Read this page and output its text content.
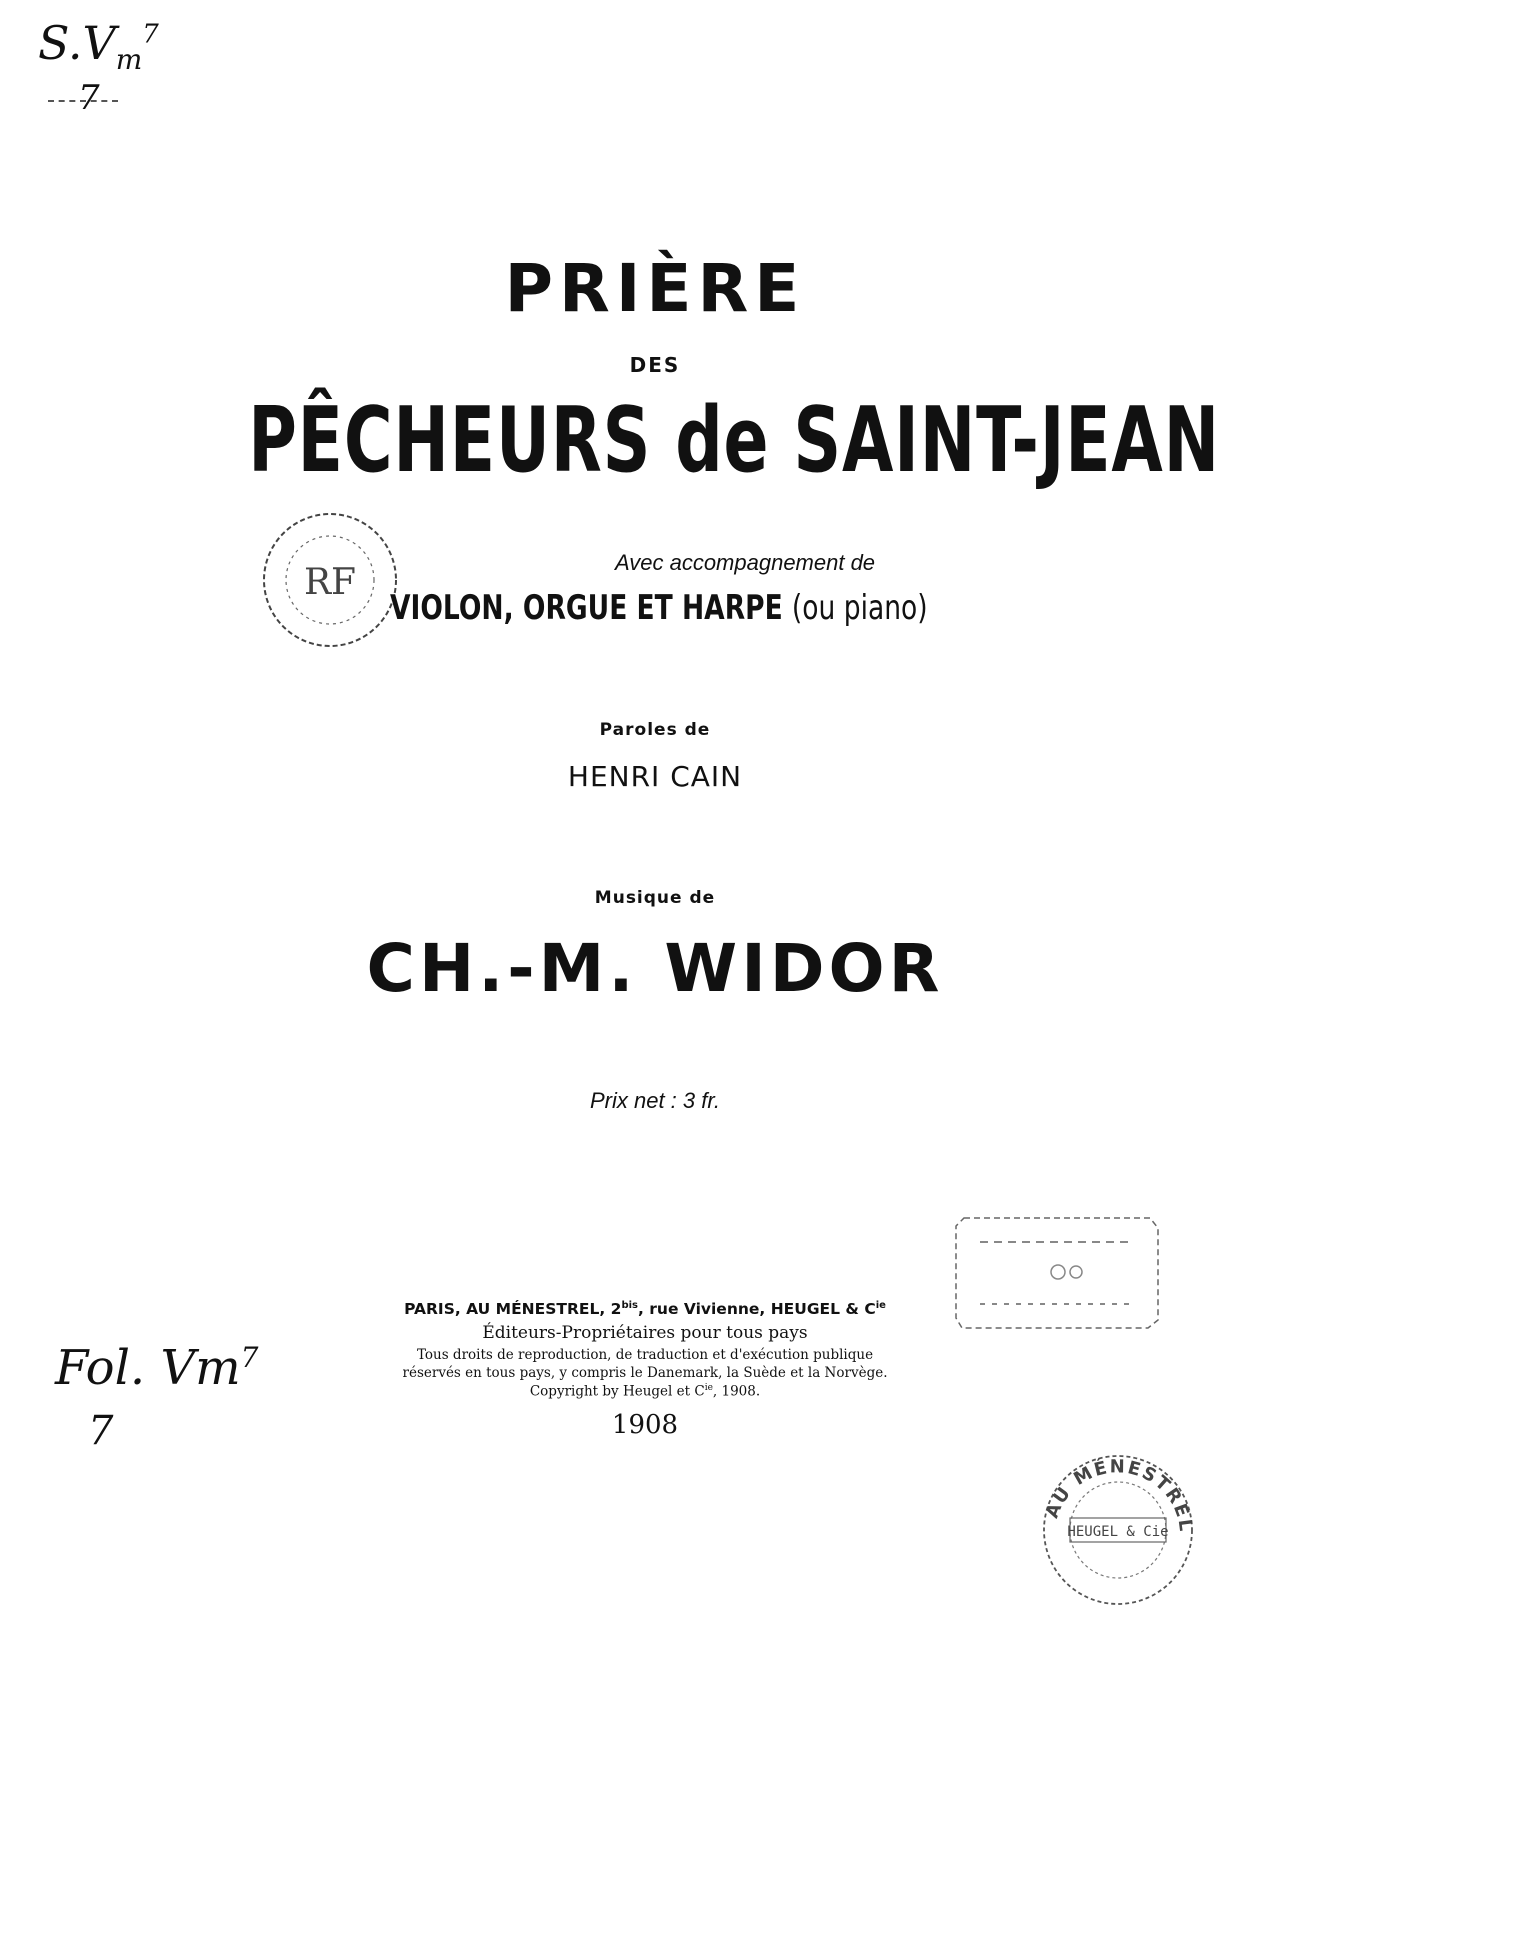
$S.V_m^7$
7
PRIÈRE
DES
PÊCHEURS de SAINT-JEAN
RF	Avec accompagnement de
VIOLON, ORGUE ET HARPE (ou piano)
Paroles de
HENRI CAIN
Musique de
CH.-M. WIDOR
Prix net : 3 fr.
Fol. Vm$^7$
7
PARIS, AU MÉNESTREL, $2^{bis}$, rue Vivienne, HEUGEL & $C^{ie}$
Éditeurs-Propriétaires pour tous pays
Tous droits de reproduction, de traduction et d'exécution publique
réservés en tous pays, y compris le Danemark, la Suède et la Norvège.
Copyright by Heugel et $C^{ie}$, 1908.
1908
AU MÉNESTREL
HEUGEL & Cie
